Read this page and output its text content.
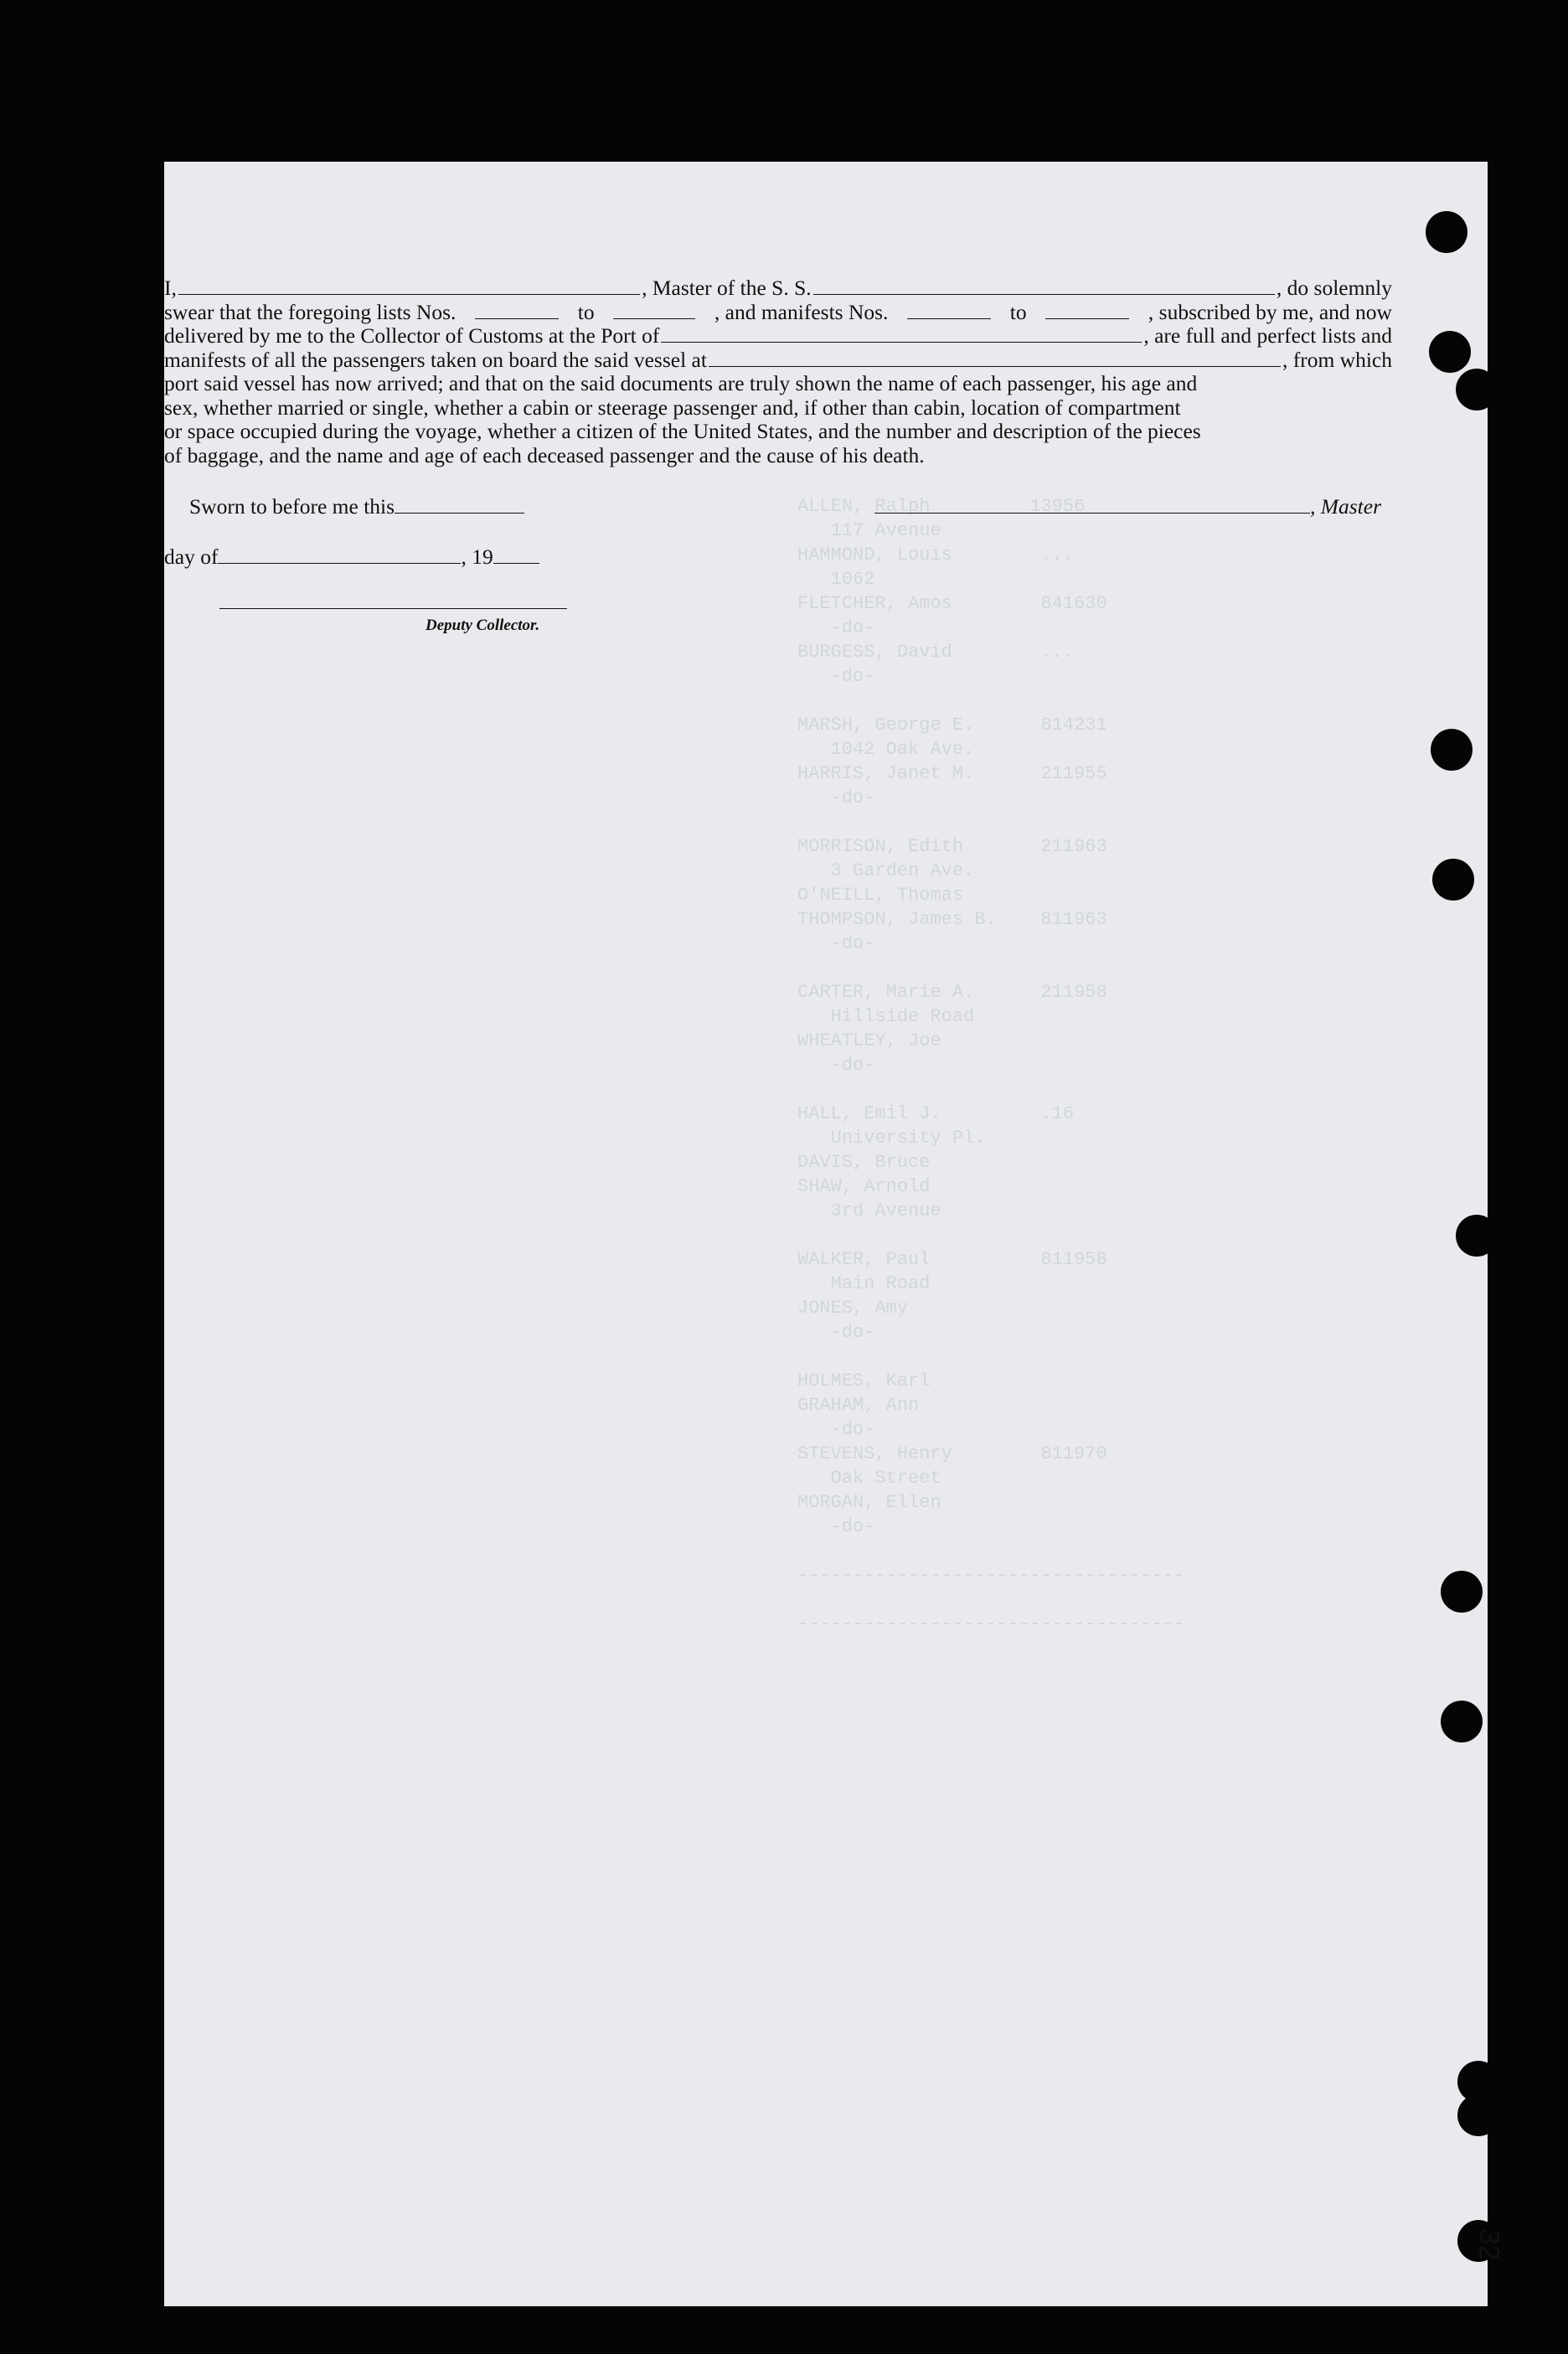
ALLEN, Ralph         13956
117 Avenue
HAMMOND, Louis        ...
1062
FLETCHER, Amos        841630
-do-
BURGESS, David        ...
-do-

MARSH, George E.      814231
1042 Oak Ave.
HARRIS, Janet M.      211955
-do-

MORRISON, Edith       211963
3 Garden Ave.
O'NEILL, Thomas
THOMPSON, James B.    811963
-do-

CARTER, Marie A.      211958
Hillside Road
WHEATLEY, Joe
-do-

HALL, Emil J.         .16
University Pl.
DAVIS, Bruce
SHAW, Arnold
3rd Avenue

WALKER, Paul          811958
Main Road
JONES, Amy
-do-

HOLMES, Karl
GRAHAM, Ann
-do-
STEVENS, Henry        811970
Oak Street
MORGAN, Ellen
-do-

-----------------------------------

-----------------------------------
I,	, Master of the S. S.	, do solemnly
swear that the foregoing lists Nos.	to	, and manifests Nos.	to	, subscribed by me, and now
delivered by me to the Collector of Customs at the Port of	, are full and perfect lists and
manifests of all the passengers taken on board the said vessel at	, from which
port said vessel has now arrived; and that on the said documents are truly shown the name of each passenger, his age and
sex, whether married or single, whether a cabin or steerage passenger and, if other than cabin, location of compartment
or space occupied during the voyage, whether a citizen of the United States, and the number and description of the pieces
of baggage, and the name and age of each deceased passenger and the cause of his death.
Sworn to before me this	, Master
day of	, 19
Deputy Collector.
32
